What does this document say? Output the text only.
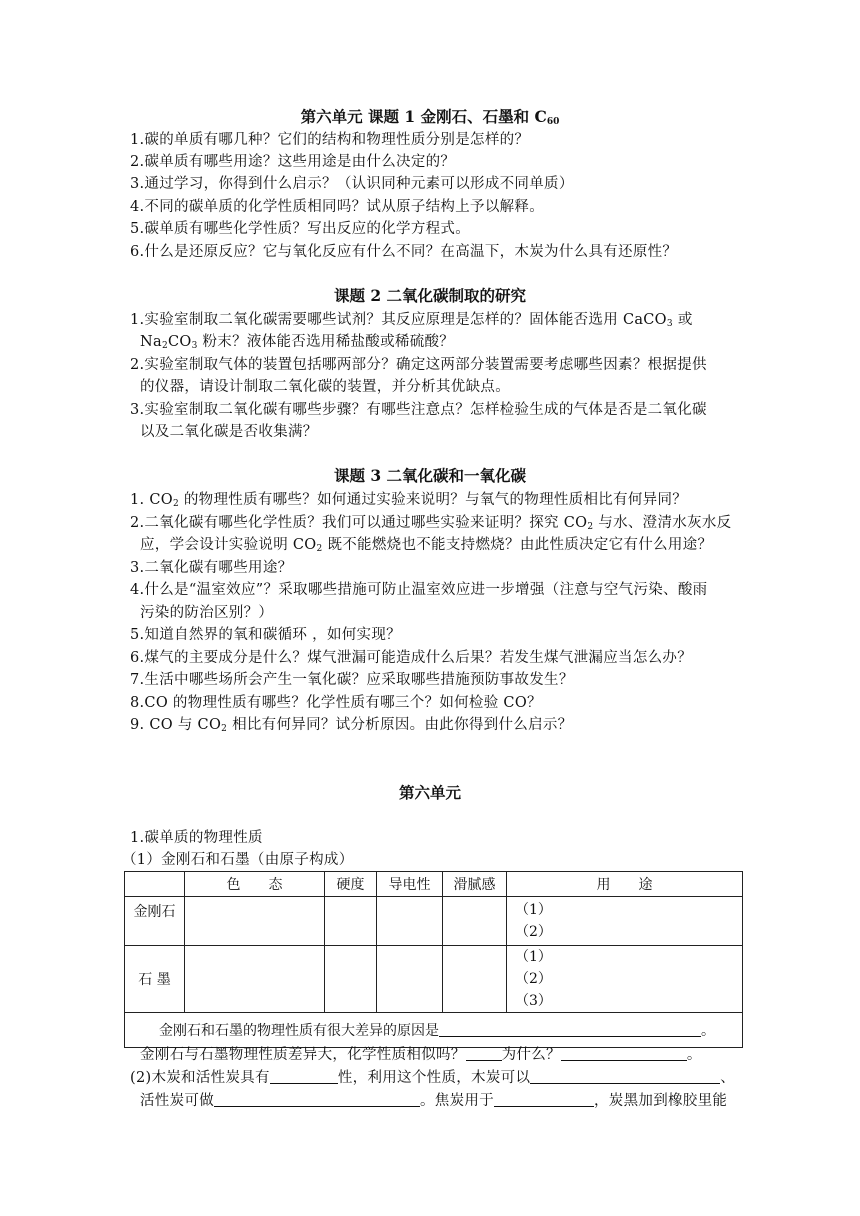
第六单元 课题 1 金刚石、石墨和 $C_{60}$
1.碳的单质有哪几种？它们的结构和物理性质分别是怎样的？
2.碳单质有哪些用途？这些用途是由什么决定的？
3.通过学习，你得到什么启示？（认识同种元素可以形成不同单质）
4.不同的碳单质的化学性质相同吗？试从原子结构上予以解释。
5.碳单质有哪些化学性质？写出反应的化学方程式。
6.什么是还原反应？它与氧化反应有什么不同？在高温下，木炭为什么具有还原性？
课题 2 二氧化碳制取的研究
1.实验室制取二氧化碳需要哪些试剂？其反应原理是怎样的？固体能否选用 CaCO$_3$ 或
$Na_2CO_3$ 粉末？液体能否选用稀盐酸或稀硫酸？
2.实验室制取气体的装置包括哪两部分？确定这两部分装置需要考虑哪些因素？根据提供
的仪器，请设计制取二氧化碳的装置，并分析其优缺点。
3.实验室制取二氧化碳有哪些步骤？有哪些注意点？怎样检验生成的气体是否是二氧化碳
以及二氧化碳是否收集满？
课题 3 二氧化碳和一氧化碳
1. $CO_2$ 的物理性质有哪些？如何通过实验来说明？与氧气的物理性质相比有何异同？
2.二氧化碳有哪些化学性质？我们可以通过哪些实验来证明？探究 $CO_2$ 与水、澄清水灰水反
应，学会设计实验说明 $CO_2$ 既不能燃烧也不能支持燃烧？由此性质决定它有什么用途？
3.二氧化碳有哪些用途？
4.什么是“温室效应”？采取哪些措施可防止温室效应进一步增强（注意与空气污染、酸雨
污染的防治区别？）
5.知道自然界的氧和碳循环 ，如何实现？
6.煤气的主要成分是什么？煤气泄漏可能造成什么后果？若发生煤气泄漏应当怎么办？
7.生活中哪些场所会产生一氧化碳？应采取哪些措施预防事故发生？
8.CO 的物理性质有哪些？化学性质有哪三个？如何检验 CO？
9. CO 与 $CO_2$ 相比有何异同？试分析原因。由此你得到什么启示？
第六单元
1.碳单质的物理性质
（1）金刚石和石墨（由原子构成）
	色　　态	硬度	导电性	滑腻感	用　　途
金刚石					（1）
（2）

石 墨					（1）
（2）
（3）

金刚石和石墨的物理性质有很大差异的原因是 。					
金刚石与石墨物理性质差异大，化学性质相似吗？ 为什么？	。
(2)木炭和活性炭具有	性，利用这个性质，木炭可以	、
活性炭可做	。焦炭用于	，炭黑加到橡胶里能
